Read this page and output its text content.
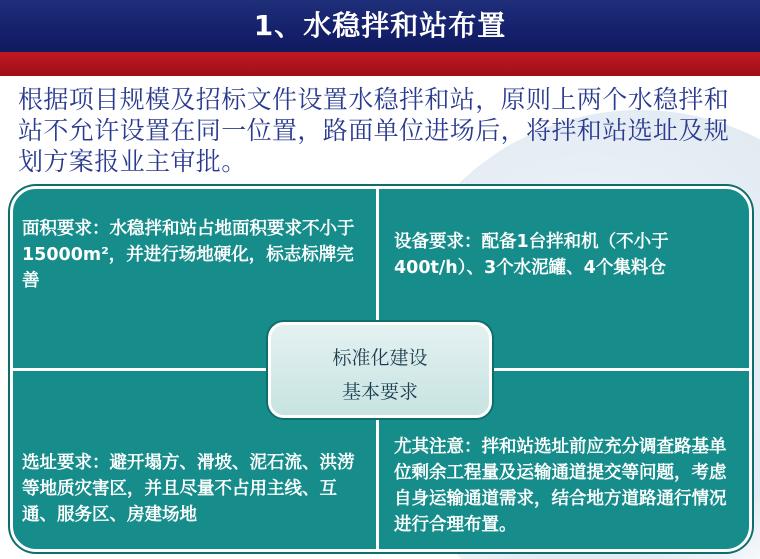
1、水稳拌和站布置
根据项目规模及招标文件设置水稳拌和站，原则上两个水稳拌和站不允许设置在同一位置，路面单位进场后，将拌和站选址及规划方案报业主审批。
面积要求：水稳拌和站占地面积要求不小于15000m²，并进行场地硬化，标志标牌完善
设备要求：配备1台拌和机（不小于400t/h）、3个水泥罐、4个集料仓
选址要求：避开塌方、滑坡、泥石流、洪涝等地质灾害区，并且尽量不占用主线、互通、服务区、房建场地
尤其注意：拌和站选址前应充分调查路基单位剩余工程量及运输通道提交等问题，考虑自身运输通道需求，结合地方道路通行情况进行合理布置。
标准化建设
基本要求
